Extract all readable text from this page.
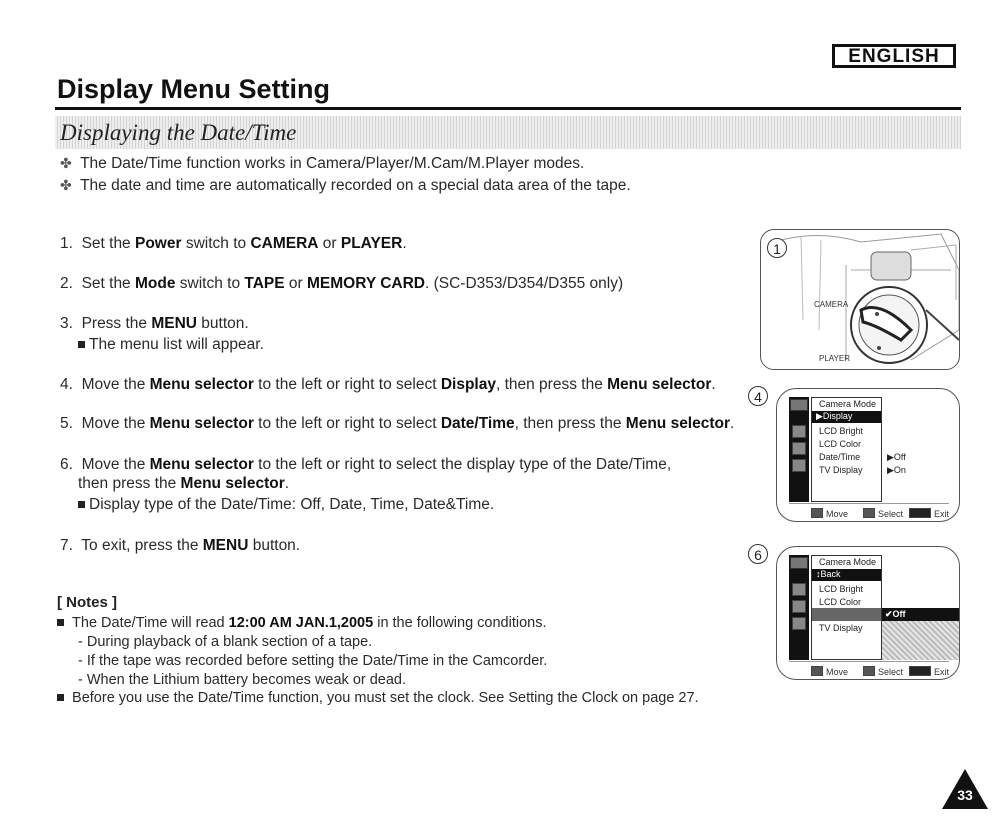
ENGLISH
Display Menu Setting
Displaying the Date/Time
✤ The Date/Time function works in Camera/Player/M.Cam/M.Player modes.
✤ The date and time are automatically recorded on a special data area of the tape.
1. Set the Power switch to CAMERA or PLAYER.
2. Set the Mode switch to TAPE or MEMORY CARD. (SC-D353/D354/D355 only)
3. Press the MENU button.
The menu list will appear.
4. Move the Menu selector to the left or right to select Display, then press the Menu selector.
5. Move the Menu selector to the left or right to select Date/Time, then press the Menu selector.
6. Move the Menu selector to the left or right to select the display type of the Date/Time,
then press the Menu selector.
Display type of the Date/Time: Off, Date, Time, Date&Time.
7. To exit, press the MENU button.
[ Notes ]
The Date/Time will read 12:00 AM JAN.1,2005 in the following conditions.
- During playback of a blank section of a tape.
- If the tape was recorded before setting the Date/Time in the Camcorder.
- When the Lithium battery becomes weak or dead.
Before you use the Date/Time function, you must set the clock. See Setting the Clock on page 27.
1
CAMERA
PLAYER
4	Camera Mode
▶Display
LCD Bright
LCD Color
Date/Time
TV Display
▶Off
▶On
Move	Select	Exit
6	Camera Mode
↕Back
LCD Bright
LCD Color
TV Display
✔Off
Move	Select	Exit
33
